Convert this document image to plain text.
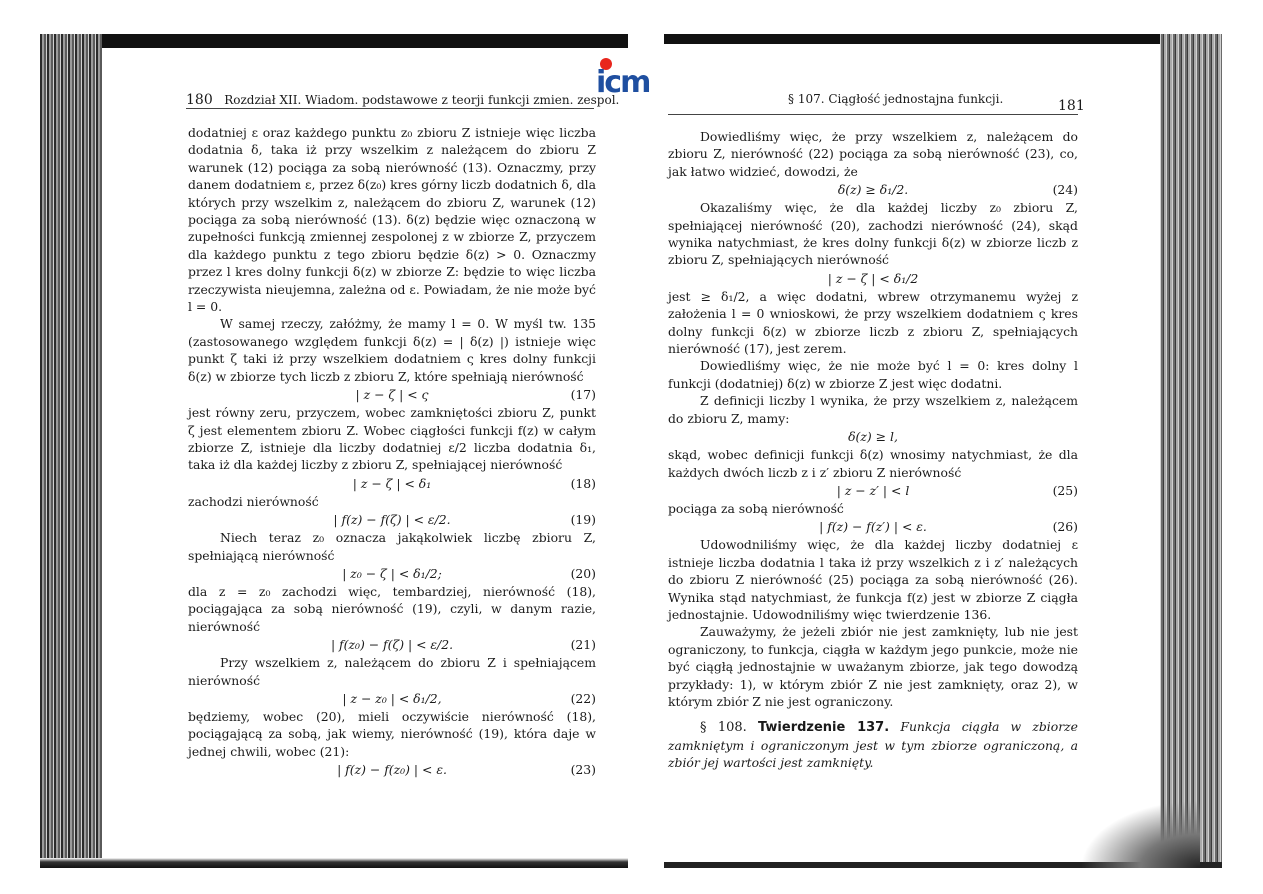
180 Rozdział XII. Wiadom. podstawowe z teorji funkcji zmien. zespol.

dodatniej ε oraz każdego punktu z₀ zbioru Z istnieje więc liczba dodatnia δ, taka iż przy wszelkim z należącem do zbioru Z warunek (12) pociąga za sobą nierówność (13). Oznaczmy, przy danem dodatniem ε, przez δ(z₀) kres górny liczb dodatnich δ, dla których przy wszelkim z, należącem do zbioru Z, warunek (12) pociąga za sobą nierówność (13). δ(z) będzie więc oznaczoną w zupełności funkcją zmiennej zespolonej z w zbiorze Z, przyczem dla każdego punktu z tego zbioru będzie δ(z) > 0. Oznaczmy przez l kres dolny funkcji δ(z) w zbiorze Z: będzie to więc liczba rzeczywista nieujemna, zależna od ε. Powiadam, że nie może być l = 0.

W samej rzeczy, załóżmy, że mamy l = 0. W myśl tw. 135 (zastosowanego względem funkcji δ(z) = | δ(z) |) istnieje więc punkt ζ taki iż przy wszelkiem dodatniem ς kres dolny funkcji δ(z) w zbiorze tych liczb z zbioru Z, które spełniają nierówność

| z − ζ | < ς	(17)

jest równy zeru, przyczem, wobec zamkniętości zbioru Z, punkt ζ jest elementem zbioru Z. Wobec ciągłości funkcji f(z) w całym zbiorze Z, istnieje dla liczby dodatniej ε/2 liczba dodatnia δ₁, taka iż dla każdej liczby z zbioru Z, spełniającej nierówność

| z − ζ | < δ₁	(18)

zachodzi nierówność

| f(z) − f(ζ) | < ε/2.	(19)

Niech teraz z₀ oznacza jakąkolwiek liczbę zbioru Z, spełniającą nierówność

| z₀ − ζ | < δ₁/2;	(20)

dla z = z₀ zachodzi więc, tembardziej, nierówność (18), pociągająca za sobą nierówność (19), czyli, w danym razie, nierówność

| f(z₀) − f(ζ) | < ε/2.	(21)

Przy wszelkiem z, należącem do zbioru Z i spełniającem nierówność

| z − z₀ | < δ₁/2,	(22)

będziemy, wobec (20), mieli oczywiście nierówność (18), pociągającą za sobą, jak wiemy, nierówność (19), która daje w jednej chwili, wobec (21):

| f(z) − f(z₀) | < ε.	(23)
§ 107. Ciągłość jednostajna funkcji.	181

Dowiedliśmy więc, że przy wszelkiem z, należącem do zbioru Z, nierówność (22) pociąga za sobą nierówność (23), co, jak łatwo widzieć, dowodzi, że

δ(z) ≥ δ₁/2.	(24)

Okazaliśmy więc, że dla każdej liczby z₀ zbioru Z, spełniającej nierówność (20), zachodzi nierówność (24), skąd wynika natychmiast, że kres dolny funkcji δ(z) w zbiorze liczb z zbioru Z, spełniających nierówność

| z − ζ | < δ₁/2

jest ≥ δ₁/2, a więc dodatni, wbrew otrzymanemu wyżej z założenia l = 0 wnioskowi, że przy wszelkiem dodatniem ς kres dolny funkcji δ(z) w zbiorze liczb z zbioru Z, spełniających nierówność (17), jest zerem.

Dowiedliśmy więc, że nie może być l = 0: kres dolny l funkcji (dodatniej) δ(z) w zbiorze Z jest więc dodatni.

Z definicji liczby l wynika, że przy wszelkiem z, należącem do zbioru Z, mamy:

δ(z) ≥ l,

skąd, wobec definicji funkcji δ(z) wnosimy natychmiast, że dla każdych dwóch liczb z i z′ zbioru Z nierówność

| z − z′ | < l	(25)

pociąga za sobą nierówność

| f(z) − f(z′) | < ε.	(26)

Udowodniliśmy więc, że dla każdej liczby dodatniej ε istnieje liczba dodatnia l taka iż przy wszelkich z i z′ należących do zbioru Z nierówność (25) pociąga za sobą nierówność (26). Wynika stąd natychmiast, że funkcja f(z) jest w zbiorze Z ciągła jednostajnie. Udowodniliśmy więc twierdzenie 136.

Zauważymy, że jeżeli zbiór nie jest zamknięty, lub nie jest ograniczony, to funkcja, ciągła w każdym jego punkcie, może nie być ciągłą jednostajnie w uważanym zbiorze, jak tego dowodzą przykłady: 1), w którym zbiór Z nie jest zamknięty, oraz 2), w którym zbiór Z nie jest ograniczony.

§ 108. Twierdzenie 137. Funkcja ciągła w zbiorze zamkniętym i ograniczonym jest w tym zbiorze ograniczoną, a zbiór jej wartości jest zamknięty.

icm
